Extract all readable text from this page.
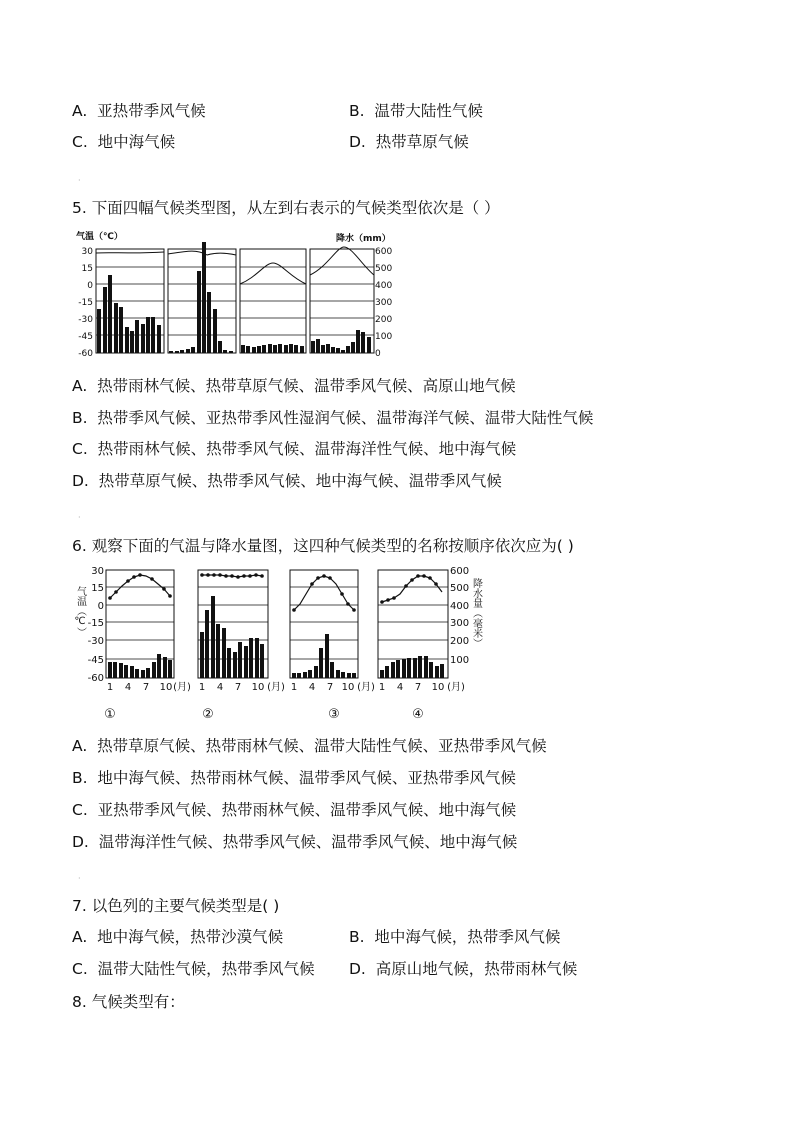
A. 亚热带季风气候	B. 温带大陆性气候
C. 地中海气候	D. 热带草原气候
·
5. 下面四幅气候类型图，从左到右表示的气候类型依次是（ ）
气温（℃）	降水（mm）
30
15
0
-15
-30
-45
-60
600
500
400
300
200
100
0
A. 热带雨林气候、热带草原气候、温带季风气候、高原山地气候
B. 热带季风气候、亚热带季风性湿润气候、温带海洋气候、温带大陆性气候
C. 热带雨林气候、热带季风气候、温带海洋性气候、地中海气候
D. 热带草原气候、热带季风气候、地中海气候、温带季风气候
·
6. 观察下面的气温与降水量图，这四种气候类型的名称按顺序依次应为( )
气温（℃）	降水量（毫米）
30
15
0
-15
-30
-45
-60
600
500
400
300
200
100
1 4 7 10 (月) 1 4 7 10 (月) 1 4 7 10 (月) 1 4 7 10 (月)
①	②	③	④
A. 热带草原气候、热带雨林气候、温带大陆性气候、亚热带季风气候
B. 地中海气候、热带雨林气候、温带季风气候、亚热带季风气候
C. 亚热带季风气候、热带雨林气候、温带季风气候、地中海气候
D. 温带海洋性气候、热带季风气候、温带季风气候、地中海气候
·
7. 以色列的主要气候类型是( )
A. 地中海气候，热带沙漠气候	B. 地中海气候，热带季风气候
C. 温带大陆性气候，热带季风气候 D. 高原山地气候，热带雨林气候
8. 气候类型有：
